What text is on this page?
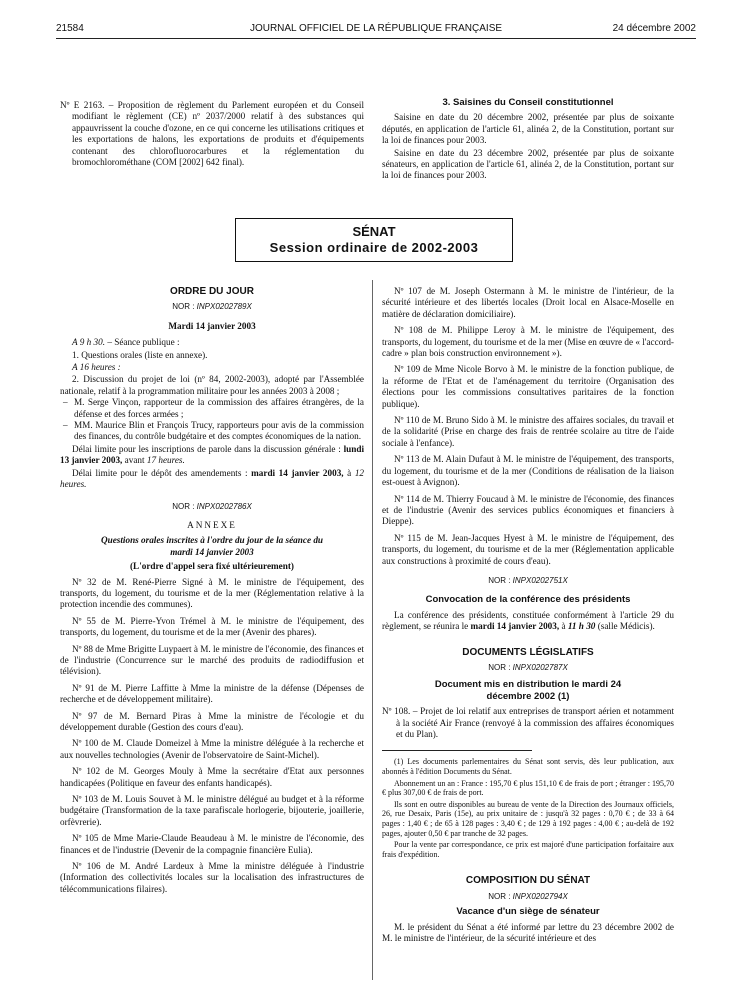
21584	JOURNAL OFFICIEL DE LA RÉPUBLIQUE FRANÇAISE	24 décembre 2002

Nº E 2163. – Proposition de règlement du Parlement européen et du Conseil modifiant le règlement (CE) nº 2037/2000 relatif à des substances qui appauvrissent la couche d'ozone, en ce qui concerne les utilisations critiques et les exportations de halons, les exportations de produits et d'équipements contenant des chlorofluorocarbures et la réglementation du bromochlorométhane (COM [2002] 642 final).

3. Saisines du Conseil constitutionnel

Saisine en date du 20 décembre 2002, présentée par plus de soixante députés, en application de l'article 61, alinéa 2, de la Constitution, portant sur la loi de finances pour 2003.

Saisine en date du 23 décembre 2002, présentée par plus de soixante sénateurs, en application de l'article 61, alinéa 2, de la Constitution, portant sur la loi de finances pour 2003.

SÉNAT
Session ordinaire de 2002-2003
ORDRE DU JOUR
NOR : INPX0202789X

Mardi 14 janvier 2003

A 9 h 30. – Séance publique :

1. Questions orales (liste en annexe).

A 16 heures :

2. Discussion du projet de loi (nº 84, 2002-2003), adopté par l'Assemblée nationale, relatif à la programmation militaire pour les années 2003 à 2008 ;

– M. Serge Vinçon, rapporteur de la commission des affaires étrangères, de la défense et des forces armées ;

– MM. Maurice Blin et François Trucy, rapporteurs pour avis de la commission des finances, du contrôle budgétaire et des comptes économiques de la nation.

Délai limite pour les inscriptions de parole dans la discussion générale : lundi 13 janvier 2003, avant 17 heures.

Délai limite pour le dépôt des amendements : mardi 14 janvier 2003, à 12 heures.

NOR : INPX0202786X

ANNEXE

Questions orales inscrites à l'ordre du jour de la séance du mardi 14 janvier 2003

(L'ordre d'appel sera fixé ultérieurement)

Nº 32 de M. René-Pierre Signé à M. le ministre de l'équipement, des transports, du logement, du tourisme et de la mer (Réglementation relative à la protection incendie des communes).

Nº 55 de M. Pierre-Yvon Trémel à M. le ministre de l'équipement, des transports, du logement, du tourisme et de la mer (Avenir des phares).

Nº 88 de Mme Brigitte Luypaert à M. le ministre de l'économie, des finances et de l'industrie (Concurrence sur le marché des produits de radiodiffusion et télévision).

Nº 91 de M. Pierre Laffitte à Mme la ministre de la défense (Dépenses de recherche et de développement militaire).

Nº 97 de M. Bernard Piras à Mme la ministre de l'écologie et du développement durable (Gestion des cours d'eau).

Nº 100 de M. Claude Domeizel à Mme la ministre déléguée à la recherche et aux nouvelles technologies (Avenir de l'observatoire de Saint-Michel).

Nº 102 de M. Georges Mouly à Mme la secrétaire d'Etat aux personnes handicapées (Politique en faveur des enfants handicapés).

Nº 103 de M. Louis Souvet à M. le ministre délégué au budget et à la réforme budgétaire (Transformation de la taxe parafiscale horlogerie, bijouterie, joaillerie, orfèvrerie).

Nº 105 de Mme Marie-Claude Beaudeau à M. le ministre de l'économie, des finances et de l'industrie (Devenir de la compagnie financière Eulia).

Nº 106 de M. André Lardeux à Mme la ministre déléguée à l'industrie (Information des collectivités locales sur la localisation des infrastructures de télécommunications filaires).

Nº 107 de M. Joseph Ostermann à M. le ministre de l'intérieur, de la sécurité intérieure et des libertés locales (Droit local en Alsace-Moselle en matière de déclaration domiciliaire).

Nº 108 de M. Philippe Leroy à M. le ministre de l'équipement, des transports, du logement, du tourisme et de la mer (Mise en œuvre de « l'accord-cadre » plan bois construction environnement »).

Nº 109 de Mme Nicole Borvo à M. le ministre de la fonction publique, de la réforme de l'Etat et de l'aménagement du territoire (Organisation des élections pour les commissions consultatives paritaires de la fonction publique).

Nº 110 de M. Bruno Sido à M. le ministre des affaires sociales, du travail et de la solidarité (Prise en charge des frais de rentrée scolaire au titre de l'aide sociale à l'enfance).

Nº 113 de M. Alain Dufaut à M. le ministre de l'équipement, des transports, du logement, du tourisme et de la mer (Conditions de réalisation de la liaison est-ouest à Avignon).

Nº 114 de M. Thierry Foucaud à M. le ministre de l'économie, des finances et de l'industrie (Avenir des services publics économiques et financiers à Dieppe).

Nº 115 de M. Jean-Jacques Hyest à M. le ministre de l'équipement, des transports, du logement, du tourisme et de la mer (Réglementation applicable aux constructions à proximité de cours d'eau).

NOR : INPX0202751X
Convocation de la conférence des présidents

La conférence des présidents, constituée conformément à l'article 29 du règlement, se réunira le mardi 14 janvier 2003, à 11 h 30 (salle Médicis).

DOCUMENTS LÉGISLATIFS
NOR : INPX0202787X
Document mis en distribution le mardi 24 décembre 2002 (1)

Nº 108. – Projet de loi relatif aux entreprises de transport aérien et notamment à la société Air France (renvoyé à la commission des affaires économiques et du Plan).

(1) Les documents parlementaires du Sénat sont servis, dès leur publication, aux abonnés à l'édition Documents du Sénat.

Abonnement un an : France : 195,70 € plus 151,10 € de frais de port ; étranger : 195,70 € plus 307,00 € de frais de port.

Ils sont en outre disponibles au bureau de vente de la Direction des Journaux officiels, 26, rue Desaix, Paris (15e), au prix unitaire de : jusqu'à 32 pages : 0,70 € ; de 33 à 64 pages : 1,40 € ; de 65 à 128 pages : 3,40 € ; de 129 à 192 pages : 4,00 € ; au-delà de 192 pages, ajouter 0,50 € par tranche de 32 pages.

Pour la vente par correspondance, ce prix est majoré d'une participation forfaitaire aux frais d'expédition.

COMPOSITION DU SÉNAT
NOR : INPX0202794X
Vacance d'un siège de sénateur

M. le président du Sénat a été informé par lettre du 23 décembre 2002 de M. le ministre de l'intérieur, de la sécurité intérieure et des
